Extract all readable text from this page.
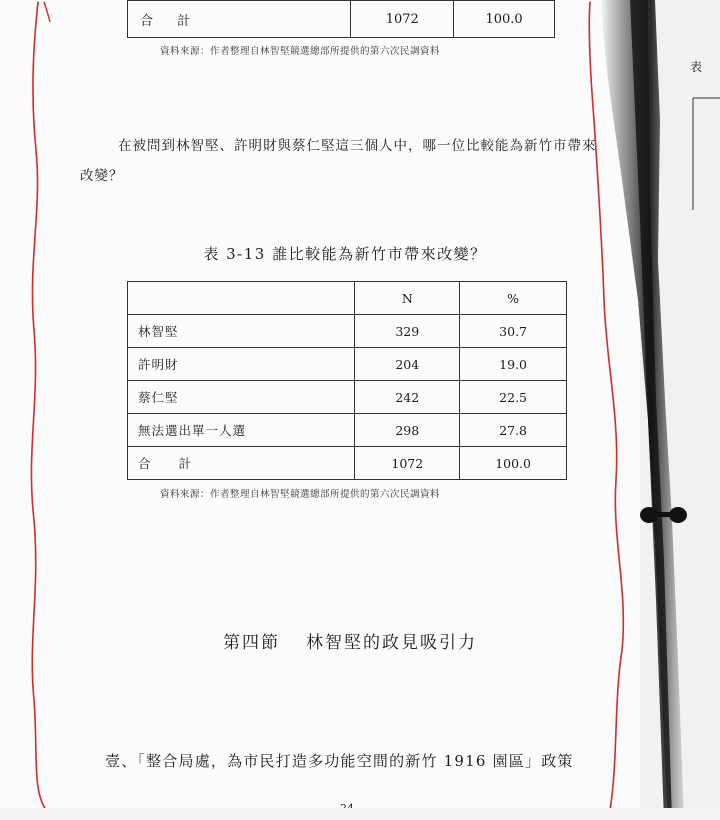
合 計	1072	100.0
資料來源：作者整理自林智堅競選總部所提供的第六次民調資料
在被問到林智堅、許明財與蔡仁堅這三個人中，哪一位比較能為新竹市帶來
改變？
表 3-13 誰比較能為新竹市帶來改變？
	N	%
林智堅	329	30.7
許明財	204	19.0
蔡仁堅	242	22.5
無法選出單一人選	298	27.8
合 計	1072	100.0
資料來源：作者整理自林智堅競選總部所提供的第六次民調資料
第四節 林智堅的政見吸引力
壹、「整合局處，為市民打造多功能空間的新竹 1916 園區」政策
表
